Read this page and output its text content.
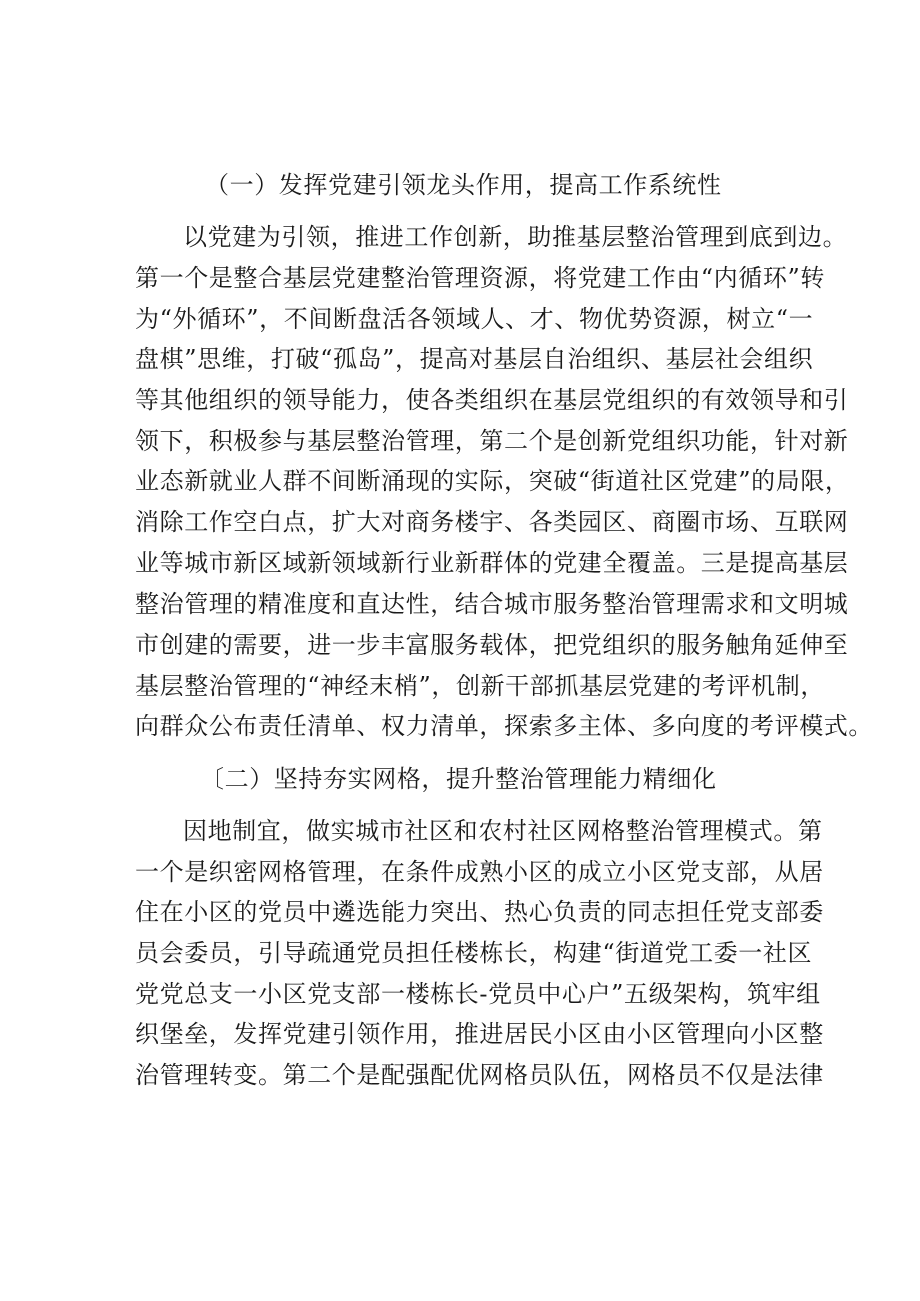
（一）发挥党建引领龙头作用，提高工作系统性
以党建为引领，推进工作创新，助推基层整治管理到底到边。
第一个是整合基层党建整治管理资源，将党建工作由“内循环”转
为“外循环”，不间断盘活各领域人、才、物优势资源，树立“一
盘棋”思维，打破“孤岛”，提高对基层自治组织、基层社会组织
等其他组织的领导能力，使各类组织在基层党组织的有效领导和引
领下，积极参与基层整治管理，第二个是创新党组织功能，针对新
业态新就业人群不间断涌现的实际，突破“街道社区党建”的局限，
消除工作空白点，扩大对商务楼宇、各类园区、商圈市场、互联网
业等城市新区域新领域新行业新群体的党建全覆盖。三是提高基层
整治管理的精准度和直达性，结合城市服务整治管理需求和文明城
市创建的需要，进一步丰富服务载体，把党组织的服务触角延伸至
基层整治管理的“神经末梢”，创新干部抓基层党建的考评机制，
向群众公布责任清单、权力清单，探索多主体、多向度的考评模式。
〔二）坚持夯实网格，提升整治管理能力精细化
因地制宜，做实城市社区和农村社区网格整治管理模式。第
一个是织密网格管理，在条件成熟小区的成立小区党支部，从居
住在小区的党员中遴选能力突出、热心负责的同志担任党支部委
员会委员，引导疏通党员担任楼栋长，构建“街道党工委一社区
党党总支一小区党支部一楼栋长-党员中心户”五级架构，筑牢组
织堡垒，发挥党建引领作用，推进居民小区由小区管理向小区整
治管理转变。第二个是配强配优网格员队伍，网格员不仅是法律
